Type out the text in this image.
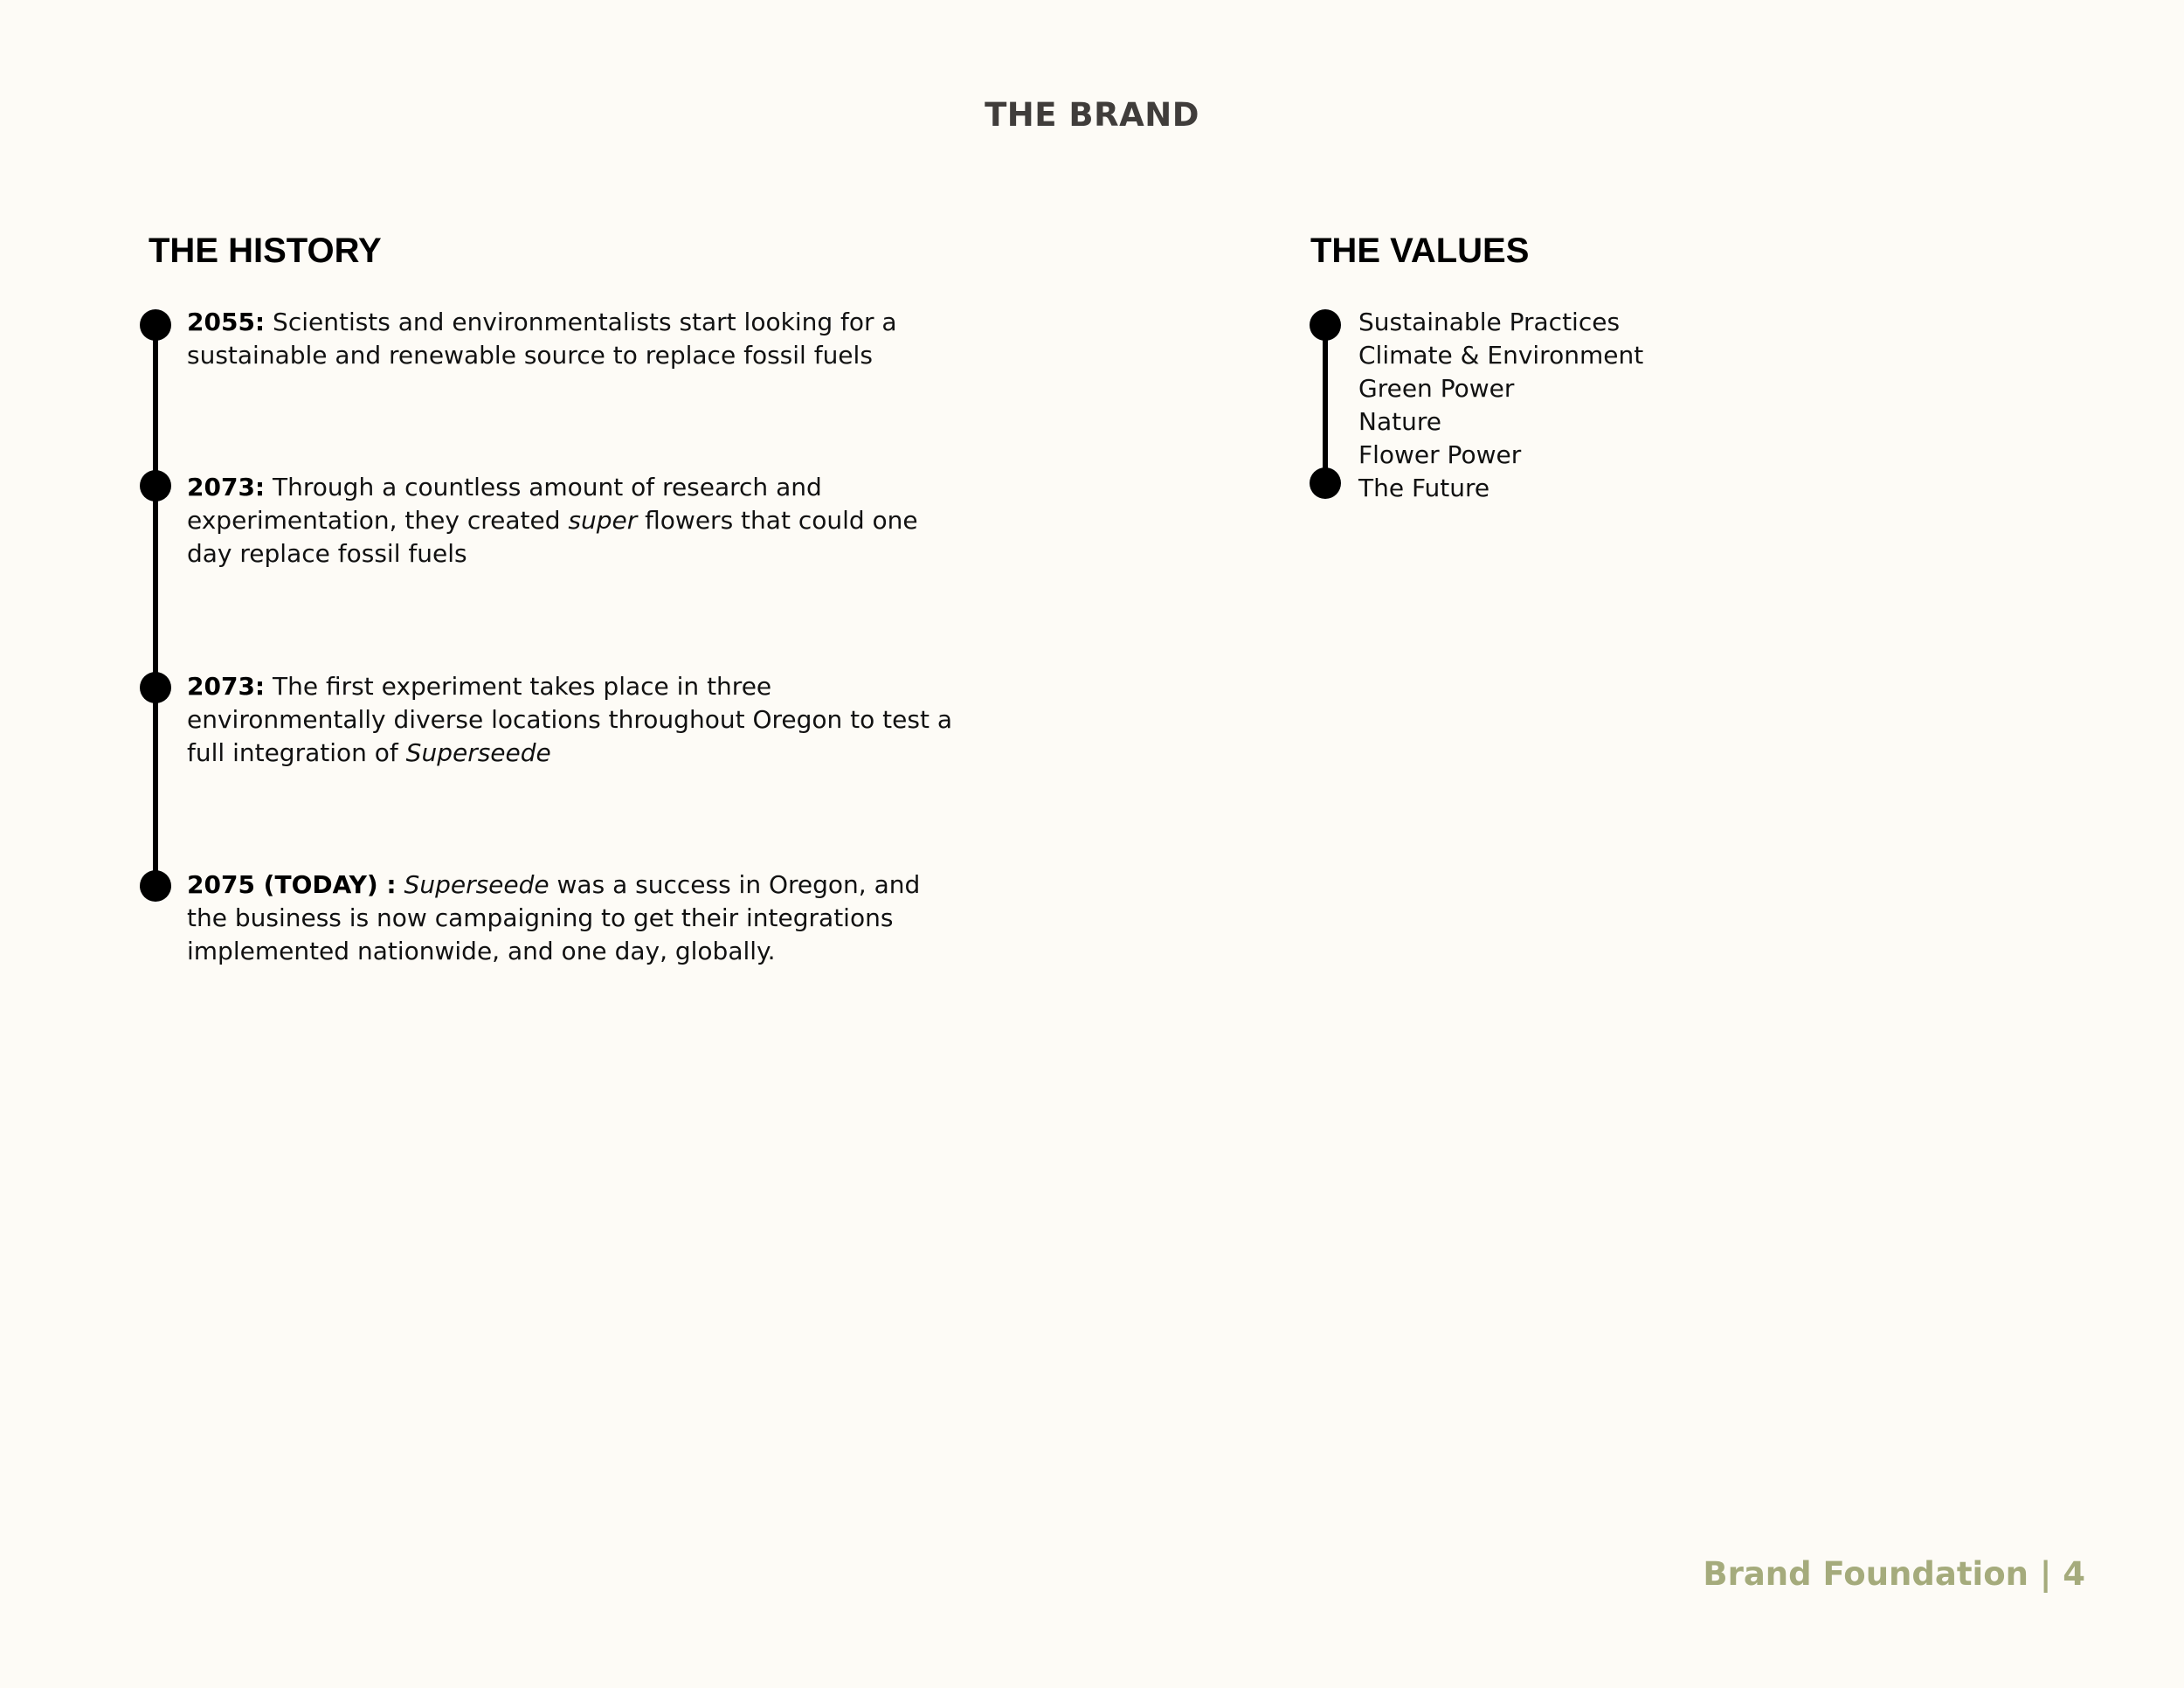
THE BRAND
THE HISTORY
2055: Scientists and environmentalists start looking for a sustainable and renewable source to replace fossil fuels
2073: Through a countless amount of research and experimentation, they created super flowers that could one day replace fossil fuels
2073: The first experiment takes place in three environmentally diverse locations throughout Oregon to test a full integration of Superseede
2075 (TODAY) : Superseede was a success in Oregon, and the business is now campaigning to get their integrations implemented nationwide, and one day, globally.
THE VALUES
Sustainable Practices
Climate & Environment
Green Power
Nature
Flower Power
The Future
Brand Foundation | 4
